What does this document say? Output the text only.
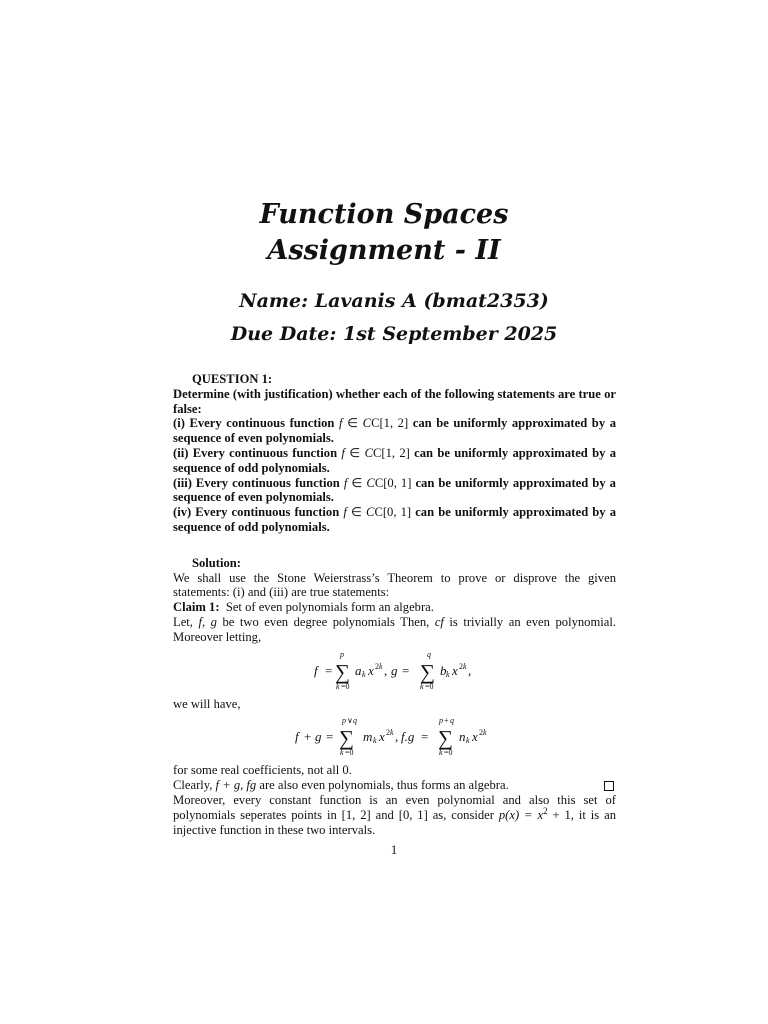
Function Spaces
Assignment - II
Name: Lavanis A (bmat2353)
Due Date: 1st September 2025

QUESTION 1:

Determine (with justification) whether each of the following statements are true or false:

(i) Every continuous function f ∈ CC[1, 2] can be uniformly approximated by a sequence of even polynomials.

(ii) Every continuous function f ∈ CC[1, 2] can be uniformly approximated by a sequence of odd polynomials.

(iii) Every continuous function f ∈ CC[0, 1] can be uniformly approximated by a sequence of even polynomials.

(iv) Every continuous function f ∈ CC[0, 1] can be uniformly approximated by a sequence of odd polynomials.

Solution:

We shall use the Stone Weierstrass’s Theorem to prove or disprove the given statements: (i) and (iii) are true statements:

Claim 1: Set of even polynomials form an algebra.

Let, f, g be two even degree polynomials Then, cf is trivially an even polynomial. Moreover letting,

f =
p
∑
k =0
a k x 2 k , g =
q
∑
k =0
b k x 2 k ,

we will have,

f + g =
p ∨ q
∑
k =0
m k x 2 k , f.g =
p + q
∑
k =0
n k x 2 k

for some real coefficients, not all 0.

Clearly, f + g, fg are also even polynomials, thus forms an algebra.

Moreover, every constant function is an even polynomial and also this set of polynomials seperates points in [1, 2] and [0, 1] as, consider $p(x) = x^2 + 1$, it is an injective function in these two intervals.

1
